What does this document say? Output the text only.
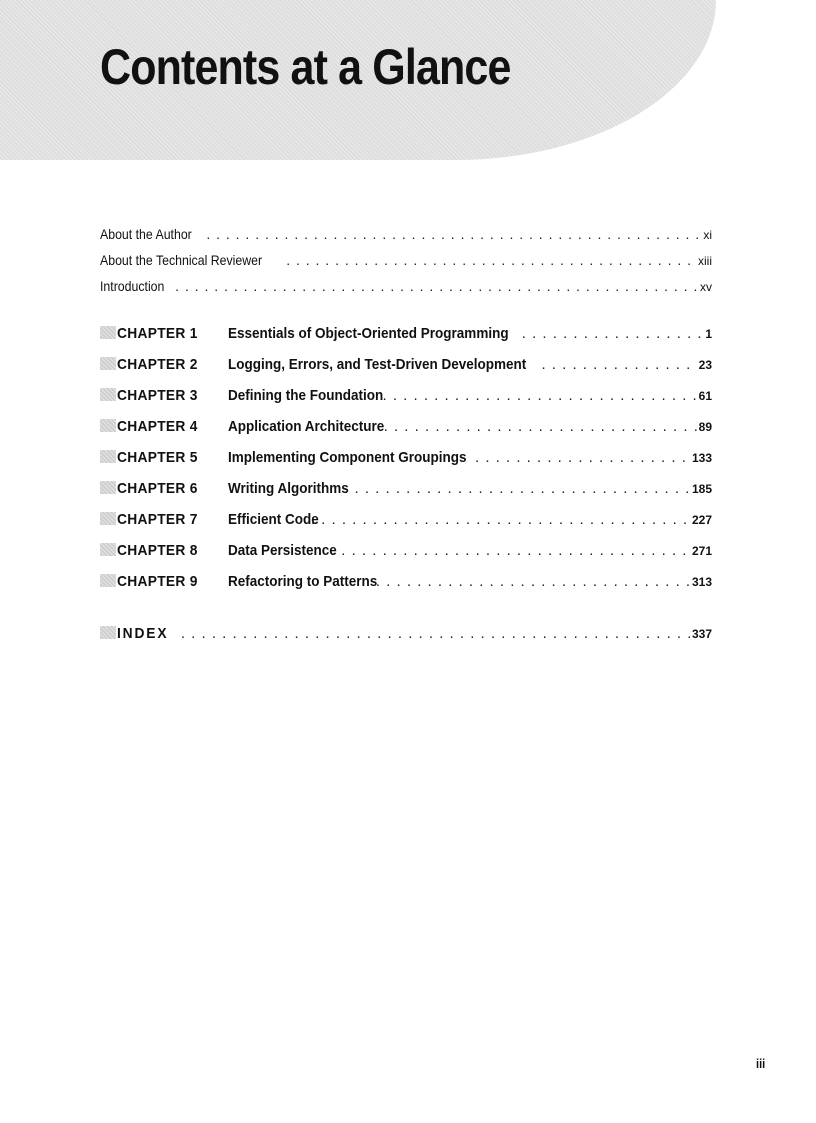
Contents at a Glance
About the Author . . .	xi
About the Technical Reviewer . . .	xiii
Introduction . . .	xv
CHAPTER 1 Essentials of Object-Oriented Programming . . .	1
CHAPTER 2 Logging, Errors, and Test-Driven Development . . .	23
CHAPTER 3 Defining the Foundation . . .	61
CHAPTER 4 Application Architecture . . .	89
CHAPTER 5 Implementing Component Groupings . . .	133
CHAPTER 6 Writing Algorithms . . .	185
CHAPTER 7 Efficient Code . . .	227
CHAPTER 8 Data Persistence . . .	271
CHAPTER 9 Refactoring to Patterns . . .	313
INDEX . . .	337
iii
